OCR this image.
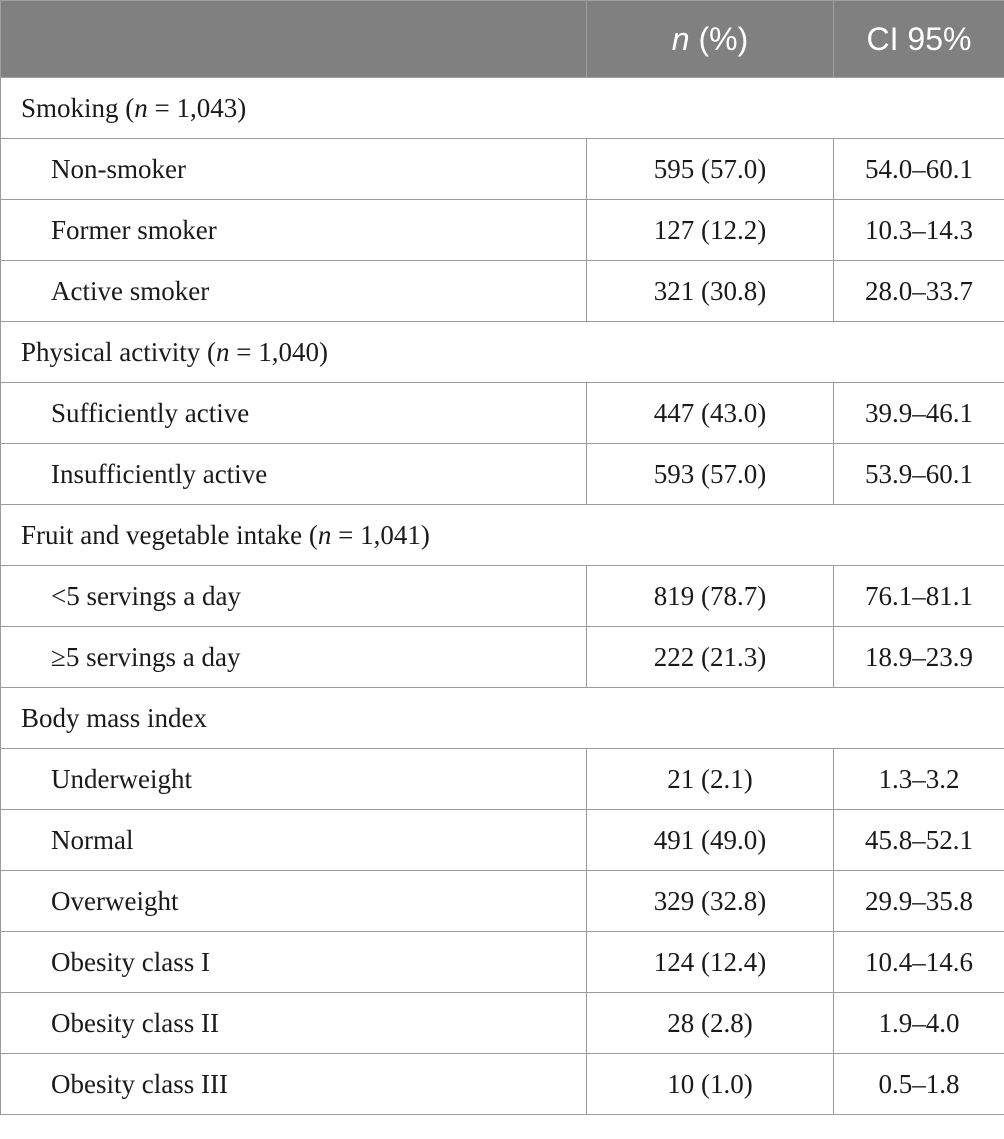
	n (%)	CI 95%
Smoking (n = 1,043)		
Non-smoker	595 (57.0)	54.0–60.1
Former smoker	127 (12.2)	10.3–14.3
Active smoker	321 (30.8)	28.0–33.7
Physical activity (n = 1,040)		
Sufficiently active	447 (43.0)	39.9–46.1
Insufficiently active	593 (57.0)	53.9–60.1
Fruit and vegetable intake (n = 1,041)		
<5 servings a day	819 (78.7)	76.1–81.1
≥5 servings a day	222 (21.3)	18.9–23.9
Body mass index		
Underweight	21 (2.1)	1.3–3.2
Normal	491 (49.0)	45.8–52.1
Overweight	329 (32.8)	29.9–35.8
Obesity class I	124 (12.4)	10.4–14.6
Obesity class II	28 (2.8)	1.9–4.0
Obesity class III	10 (1.0)	0.5–1.8
